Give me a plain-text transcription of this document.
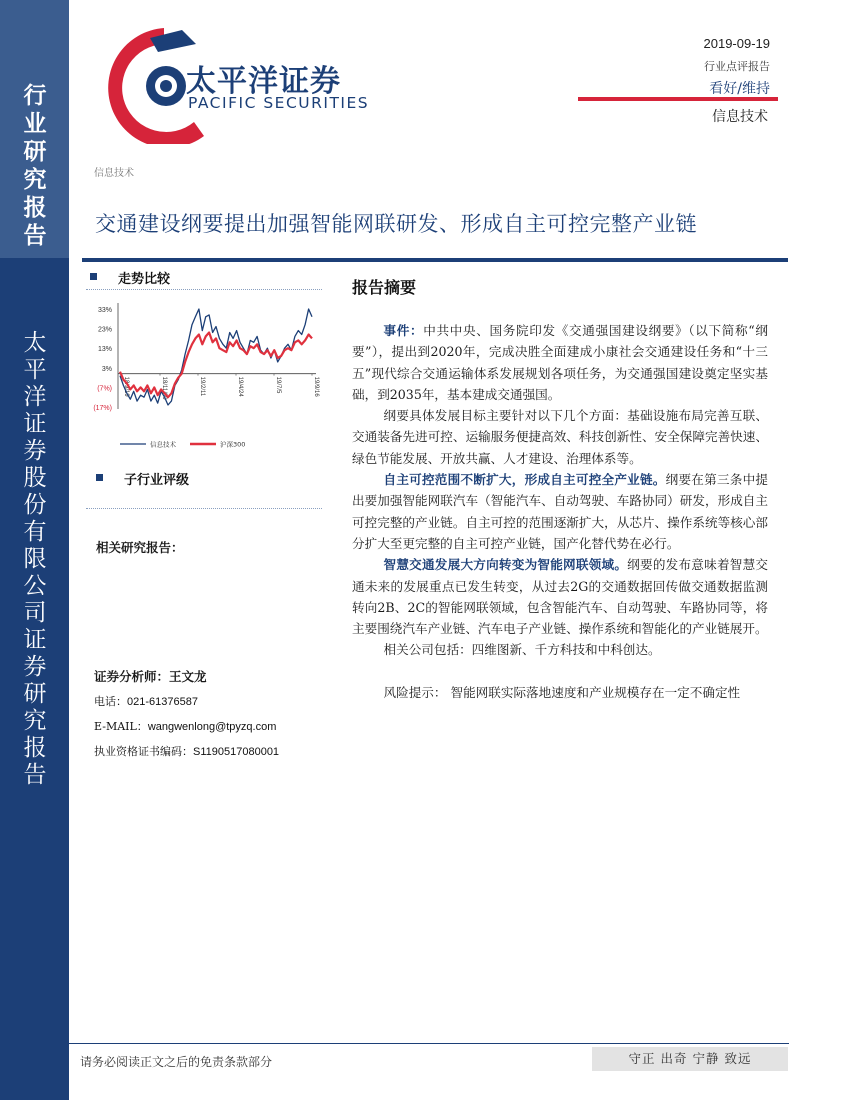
行业研究报告
太平洋证券股份有限公司证券研究报告
太平洋证券
PACIFIC SECURITIES
2019-09-19
行业点评报告
看好/维持
信息技术
信息技术
交通建设纲要提出加强智能网联研发、形成自主可控完整产业链
走势比较
33%
23%
13%
3%
(7%)
(17%)
18/9/19	18/11/30	19/2/11	19/4/24	19/7/5	19/9/16
信息技术	沪深300
子行业评级
相关研究报告：
证券分析师：王文龙
电话：021-61376587
E-MAIL：wangwenlong@tpyzq.com
执业资格证书编码：S1190517080001
报告摘要

事件：中共中央、国务院印发《交通强国建设纲要》（以下简称“纲要”），提出到2020年，完成决胜全面建成小康社会交通建设任务和“十三五”现代综合交通运输体系发展规划各项任务，为交通强国建设奠定坚实基础，到2035年，基本建成交通强国。

纲要具体发展目标主要针对以下几个方面：基础设施布局完善互联、交通装备先进可控、运输服务便捷高效、科技创新性、安全保障完善快速、绿色节能发展、开放共赢、人才建设、治理体系等。

自主可控范围不断扩大，形成自主可控全产业链。纲要在第三条中提出要加强智能网联汽车（智能汽车、自动驾驶、车路协同）研发，形成自主可控完整的产业链。自主可控的范围逐渐扩大，从芯片、操作系统等核心部分扩大至更完整的自主可控产业链，国产化替代势在必行。

智慧交通发展大方向转变为智能网联领域。纲要的发布意味着智慧交通未来的发展重点已发生转变，从过去2G的交通数据回传做交通数据监测转向2B、2C的智能网联领域，包含智能汽车、自动驾驶、车路协同等，将主要围绕汽车产业链、汽车电子产业链、操作系统和智能化的产业链展开。

相关公司包括：四维图新、千方科技和中科创达。

风险提示： 智能网联实际落地速度和产业规模存在一定不确定性

请务必阅读正文之后的免责条款部分	守正 出奇 宁静 致远
